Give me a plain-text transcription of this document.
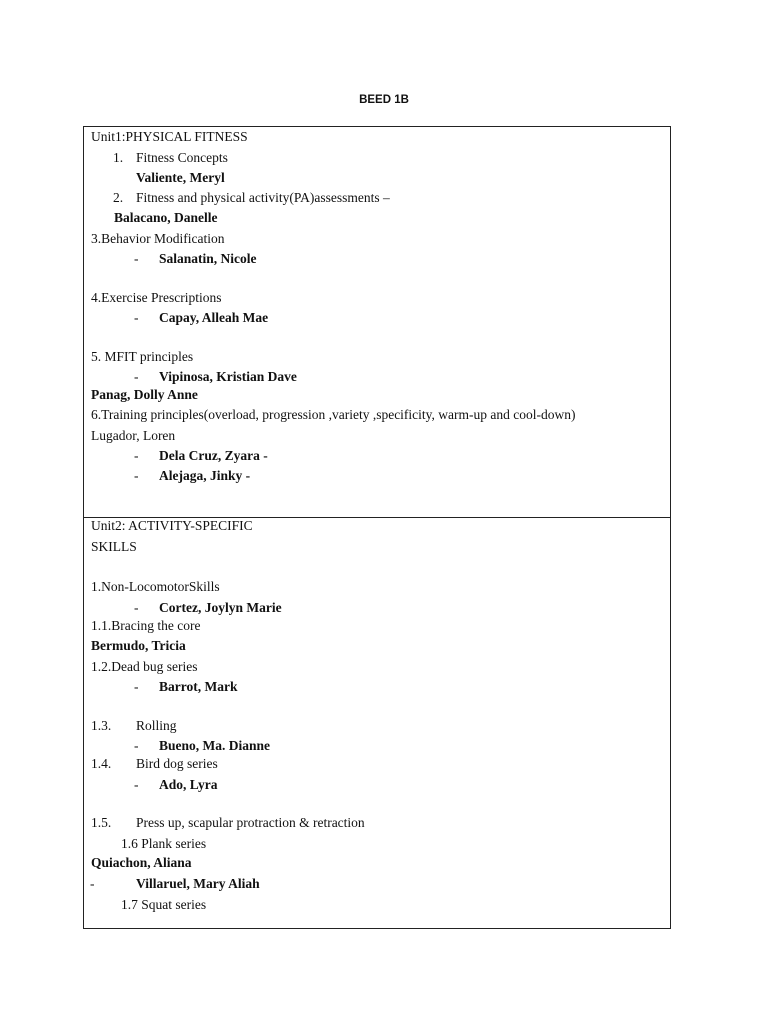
BEED 1B
Unit1:PHYSICAL FITNESS
1. Fitness Concepts
Valiente, Meryl
2. Fitness and physical activity(PA)assessments –
Balacano, Danelle
3.Behavior Modification
- Salanatin, Nicole
4.Exercise Prescriptions
- Capay, Alleah Mae
5. MFIT principles
- Vipinosa, Kristian Dave
Panag, Dolly Anne
6.Training principles(overload, progression ,variety ,specificity, warm-up and cool-down)
Lugador, Loren
- Dela Cruz, Zyara -
- Alejaga, Jinky -
Unit2: ACTIVITY-SPECIFIC
SKILLS
1.Non-LocomotorSkills
- Cortez, Joylyn Marie
1.1.Bracing the core
Bermudo, Tricia
1.2.Dead bug series
- Barrot, Mark
1.3. Rolling
- Bueno, Ma. Dianne
1.4. Bird dog series
- Ado, Lyra
1.5. Press up, scapular protraction & retraction
1.6 Plank series
Quiachon, Aliana
-	Villaruel, Mary Aliah
1.7 Squat series
